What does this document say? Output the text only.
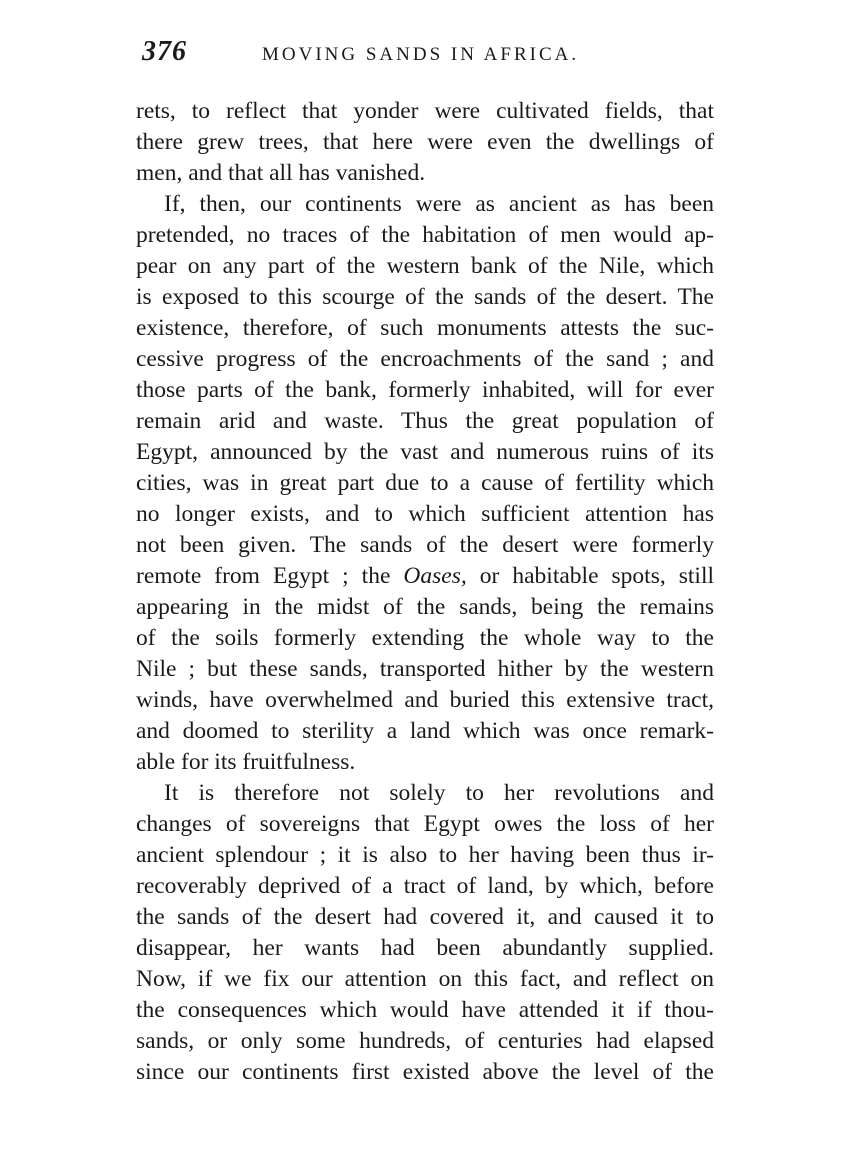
376	MOVING SANDS IN AFRICA.
rets, to reflect that yonder were cultivated fields, that
there grew trees, that here were even the dwellings of
men, and that all has vanished.
If, then, our continents were as ancient as has been
pretended, no traces of the habitation of men would ap-
pear on any part of the western bank of the Nile, which
is exposed to this scourge of the sands of the desert. The
existence, therefore, of such monuments attests the suc-
cessive progress of the encroachments of the sand ; and
those parts of the bank, formerly inhabited, will for ever
remain arid and waste. Thus the great population of
Egypt, announced by the vast and numerous ruins of its
cities, was in great part due to a cause of fertility which
no longer exists, and to which sufficient attention has
not been given. The sands of the desert were formerly
remote from Egypt ; the Oases, or habitable spots, still
appearing in the midst of the sands, being the remains
of the soils formerly extending the whole way to the
Nile ; but these sands, transported hither by the western
winds, have overwhelmed and buried this extensive tract,
and doomed to sterility a land which was once remark-
able for its fruitfulness.
It is therefore not solely to her revolutions and
changes of sovereigns that Egypt owes the loss of her
ancient splendour ; it is also to her having been thus ir-
recoverably deprived of a tract of land, by which, before
the sands of the desert had covered it, and caused it to
disappear, her wants had been abundantly supplied.
Now, if we fix our attention on this fact, and reflect on
the consequences which would have attended it if thou-
sands, or only some hundreds, of centuries had elapsed
since our continents first existed above the level of the
